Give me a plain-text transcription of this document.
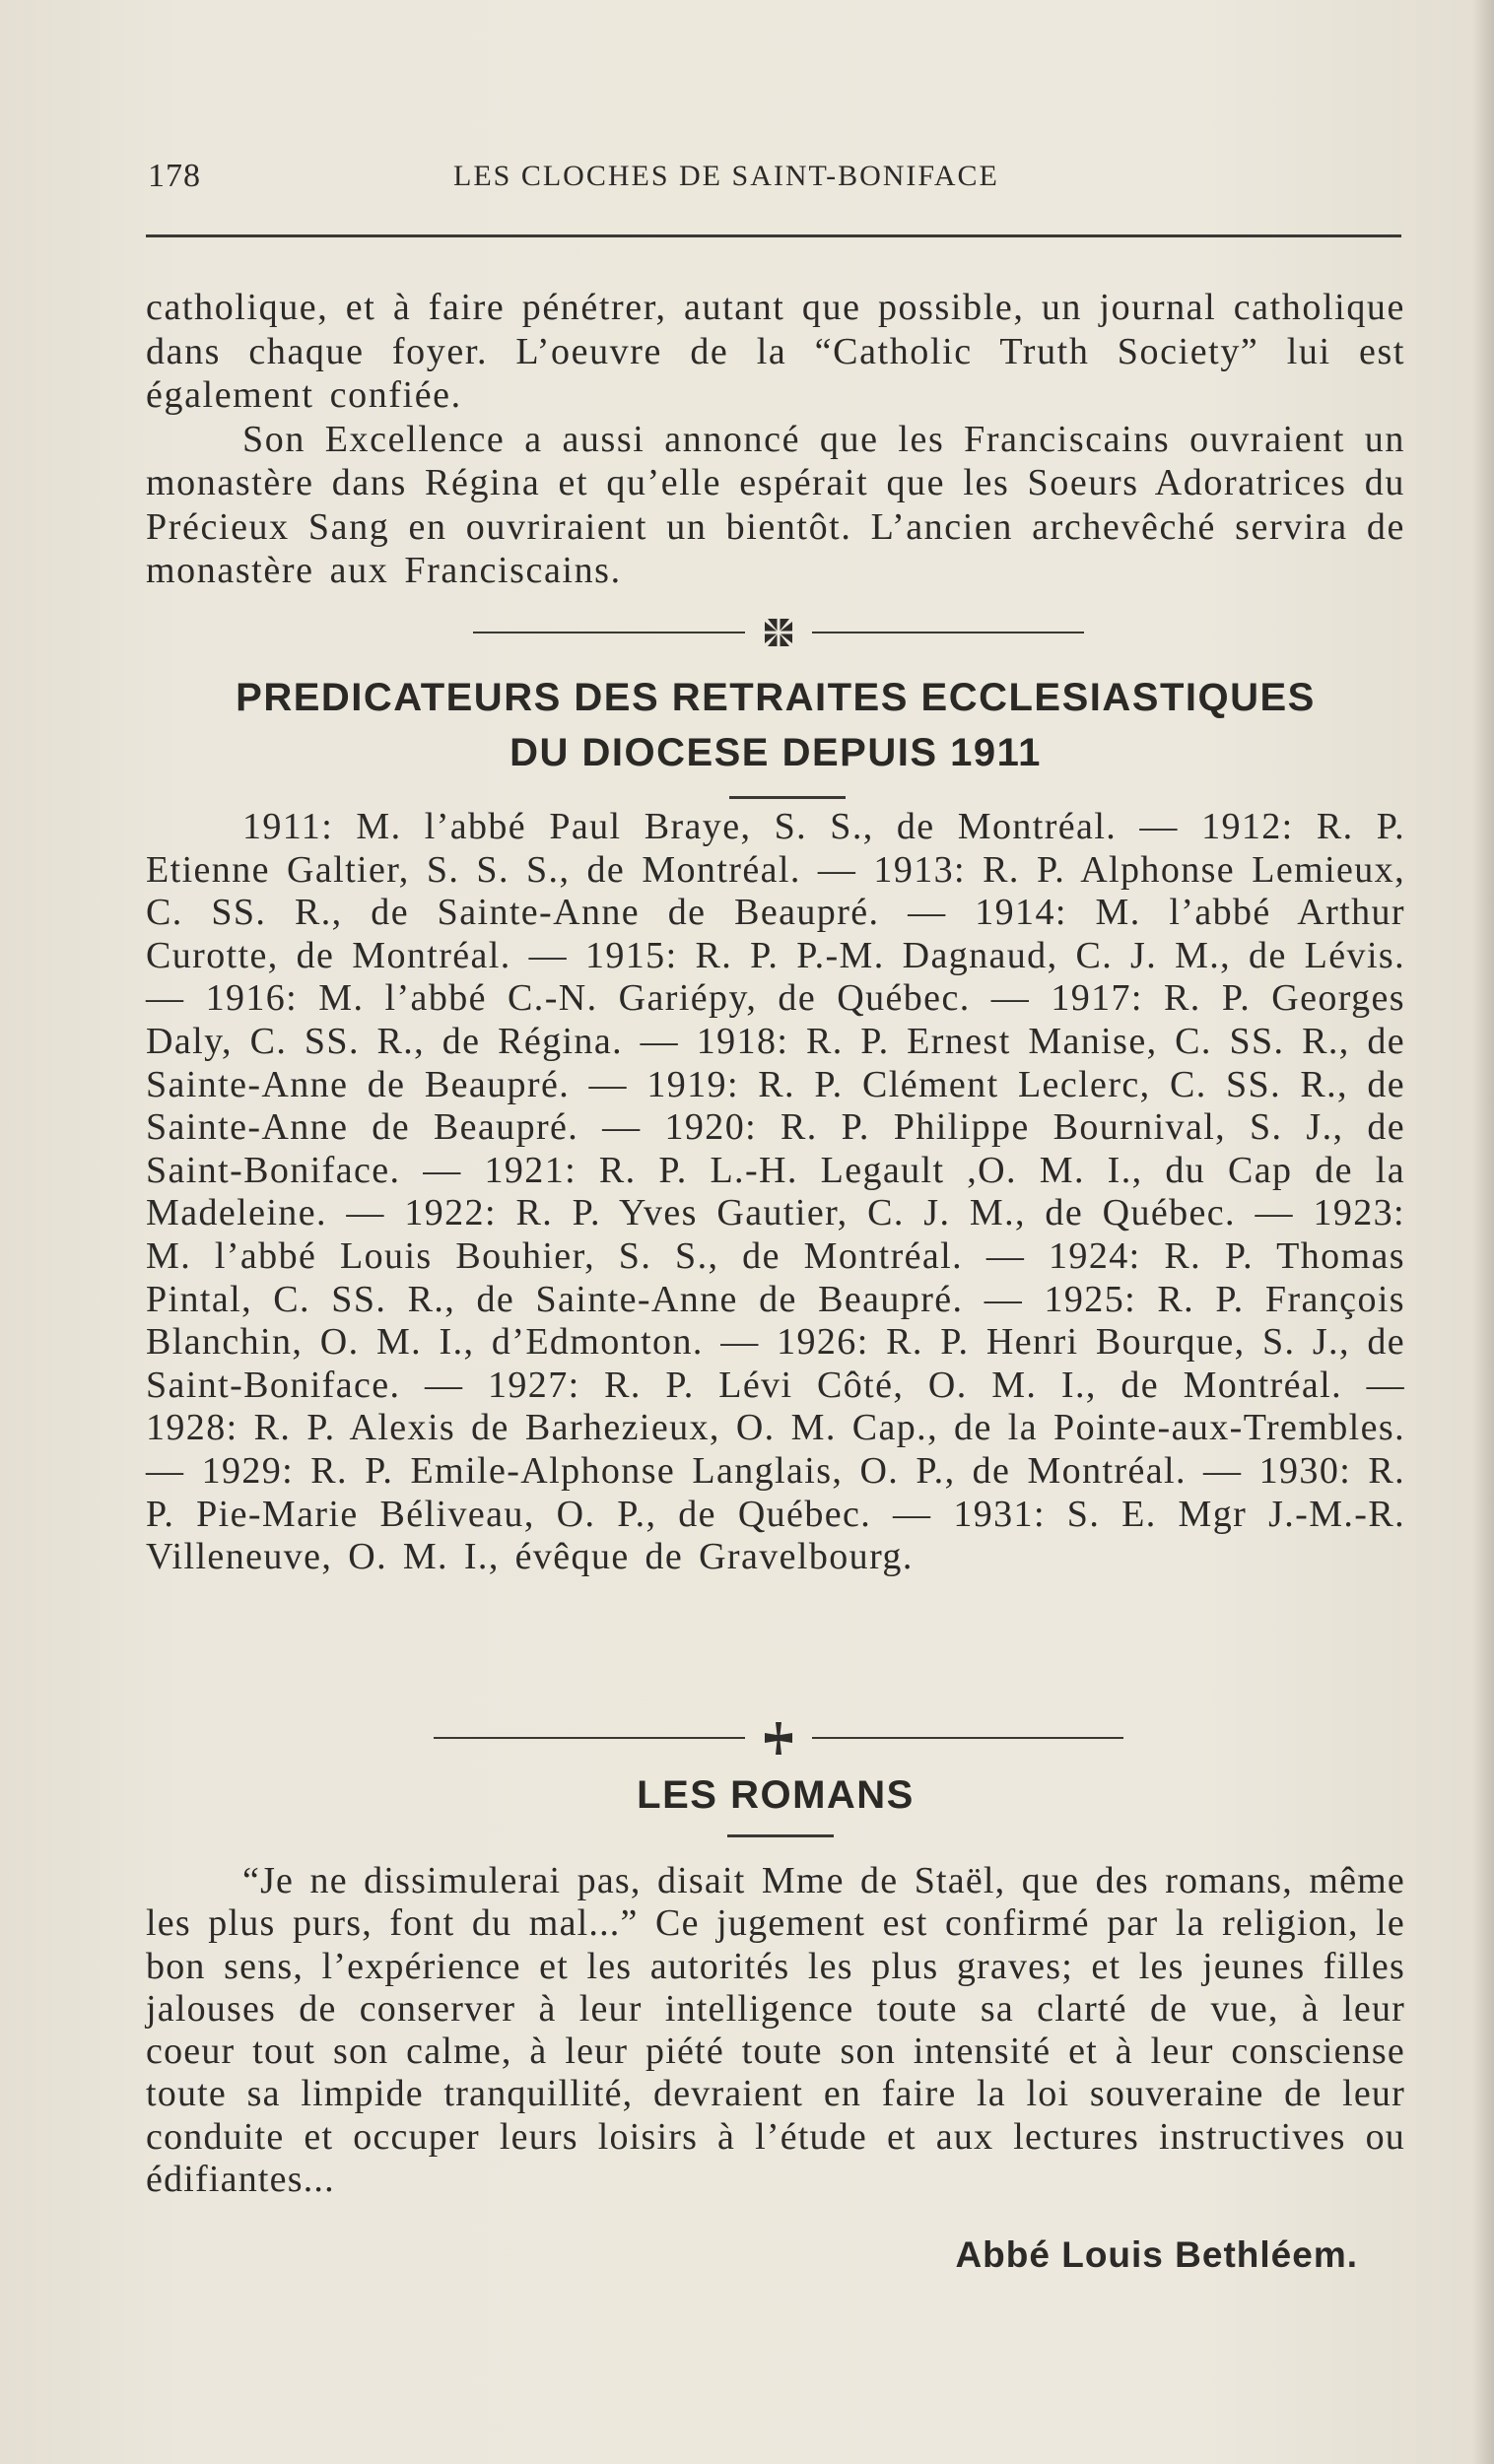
178	LES CLOCHES DE SAINT-BONIFACE

catholique, et à faire pénétrer, autant que possible, un journal catholique dans chaque foyer. L’oeuvre de la “Catholic Truth Society” lui est également confiée.

Son Excellence a aussi annoncé que les Franciscains ouvraient un monastère dans Régina et qu’elle espérait que les Soeurs Adoratrices du Précieux Sang en ouvriraient un bientôt. L’ancien archevêché servira de monastère aux Franciscains.

PREDICATEURS DES RETRAITES ECCLESIASTIQUES
DU DIOCESE DEPUIS 1911

1911: M. l’abbé Paul Braye, S. S., de Montréal. — 1912: R. P. Etienne Galtier, S. S. S., de Montréal. — 1913: R. P. Alphonse Lemieux, C. SS. R., de Sainte-Anne de Beaupré. — 1914: M. l’abbé Arthur Curotte, de Montréal. — 1915: R. P. P.-M. Dagnaud, C. J. M., de Lévis. — 1916: M. l’abbé C.-N. Gariépy, de Québec. — 1917: R. P. Georges Daly, C. SS. R., de Régina. — 1918: R. P. Ernest Manise, C. SS. R., de Sainte-Anne de Beaupré. — 1919: R. P. Clément Leclerc, C. SS. R., de Sainte-Anne de Beaupré. — 1920: R. P. Philippe Bournival, S. J., de Saint-Boniface. — 1921: R. P. L.-H. Legault ,O. M. I., du Cap de la Madeleine. — 1922: R. P. Yves Gautier, C. J. M., de Québec. — 1923: M. l’abbé Louis Bouhier, S. S., de Montréal. — 1924: R. P. Thomas Pintal, C. SS. R., de Sainte-Anne de Beaupré. — 1925: R. P. François Blanchin, O. M. I., d’Edmonton. — 1926: R. P. Henri Bourque, S. J., de Saint-Boniface. — 1927: R. P. Lévi Côté, O. M. I., de Montréal. — 1928: R. P. Alexis de Barhezieux, O. M. Cap., de la Pointe-aux-Trembles. — 1929: R. P. Emile-Alphonse Langlais, O. P., de Montréal. — 1930: R. P. Pie-Marie Béliveau, O. P., de Québec. — 1931: S. E. Mgr J.-M.-R. Villeneuve, O. M. I., évêque de Gravelbourg.

LES ROMANS

“Je ne dissimulerai pas, disait Mme de Staël, que des romans, même les plus purs, font du mal...” Ce jugement est confirmé par la religion, le bon sens, l’expérience et les autorités les plus graves; et les jeunes filles jalouses de conserver à leur intelligence toute sa clarté de vue, à leur coeur tout son calme, à leur piété toute son intensité et à leur consciense toute sa limpide tranquillité, devraient en faire la loi souveraine de leur conduite et occuper leurs loisirs à l’étude et aux lectures instructives ou édifiantes...

Abbé Louis Bethléem.
